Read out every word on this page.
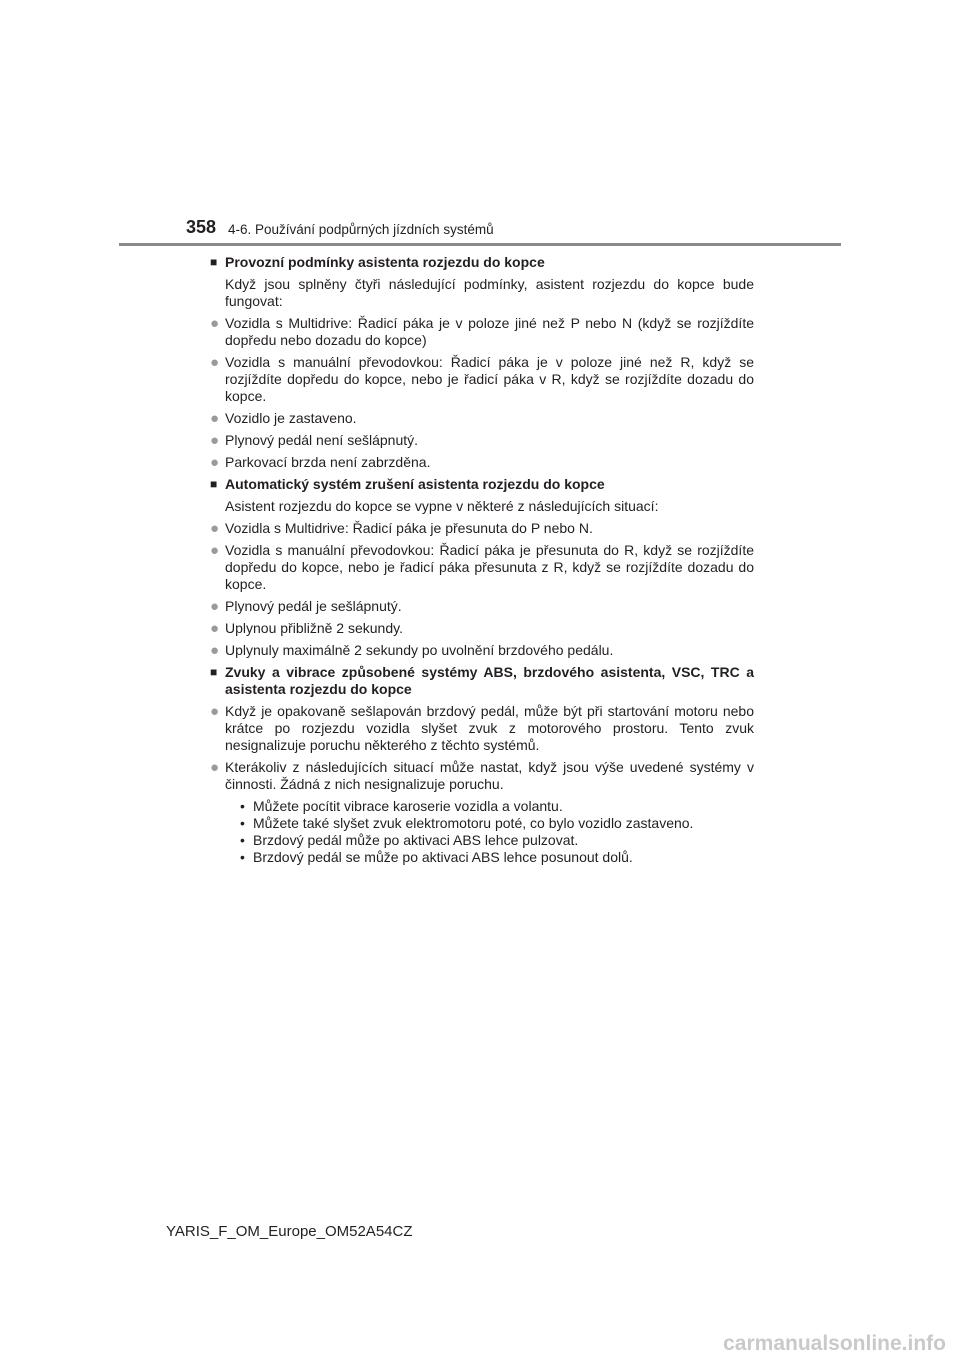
358 4-6. Používání podpůrných jízdních systémů
■ Provozní podmínky asistenta rozjezdu do kopce
Když jsou splněny čtyři následující podmínky, asistent rozjezdu do kopce bude fungovat:
● Vozidla s Multidrive: Řadicí páka je v poloze jiné než P nebo N (když se rozjíždíte dopředu nebo dozadu do kopce)
● Vozidla s manuální převodovkou: Řadicí páka je v poloze jiné než R, když se rozjíždíte dopředu do kopce, nebo je řadicí páka v R, když se rozjíždíte dozadu do kopce.
● Vozidlo je zastaveno.
● Plynový pedál není sešlápnutý.
● Parkovací brzda není zabrzděna.
■ Automatický systém zrušení asistenta rozjezdu do kopce
Asistent rozjezdu do kopce se vypne v některé z následujících situací:
● Vozidla s Multidrive: Řadicí páka je přesunuta do P nebo N.
● Vozidla s manuální převodovkou: Řadicí páka je přesunuta do R, když se rozjíždíte dopředu do kopce, nebo je řadicí páka přesunuta z R, když se rozjíždíte dozadu do kopce.
● Plynový pedál je sešlápnutý.
● Uplynou přibližně 2 sekundy.
● Uplynuly maximálně 2 sekundy po uvolnění brzdového pedálu.
■ Zvuky a vibrace způsobené systémy ABS, brzdového asistenta, VSC, TRC a asistenta rozjezdu do kopce
● Když je opakovaně sešlapován brzdový pedál, může být při startování motoru nebo krátce po rozjezdu vozidla slyšet zvuk z motorového prostoru. Tento zvuk nesignalizuje poruchu některého z těchto systémů.
● Kterákoliv z následujících situací může nastat, když jsou výše uvedené systémy v činnosti. Žádná z nich nesignalizuje poruchu.
• Můžete pocítit vibrace karoserie vozidla a volantu.
• Můžete také slyšet zvuk elektromotoru poté, co bylo vozidlo zastaveno.
• Brzdový pedál může po aktivaci ABS lehce pulzovat.
• Brzdový pedál se může po aktivaci ABS lehce posunout dolů.
YARIS_F_OM_Europe_OM52A54CZ
carmanualsonline.info
